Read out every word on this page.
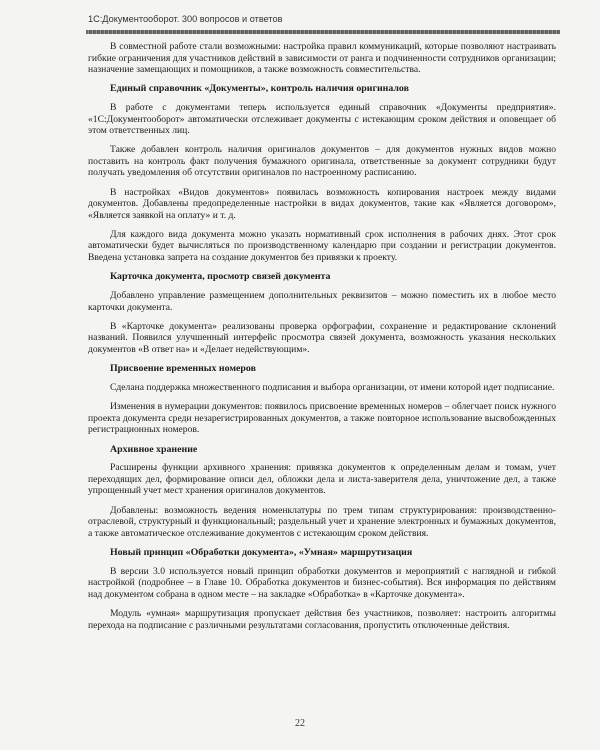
1С:Документооборот. 300 вопросов и ответов

В совместной работе стали возможными: настройка правил коммуникаций, которые позволяют настраивать гибкие ограничения для участников действий в зависимости от ранга и подчиненности сотрудников организации; назначение замещающих и помощников, а также возможность совместительства.

Единый справочник «Документы», контроль наличия оригиналов

В работе с документами теперь используется единый справочник «Документы предприятия». «1С:Документооборот» автоматически отслеживает документы с истекающим сроком действия и оповещает об этом ответственных лиц.

Также добавлен контроль наличия оригиналов документов – для документов нужных видов можно поставить на контроль факт получения бумажного оригинала, ответственные за документ сотрудники будут получать уведомления об отсутствии оригиналов по настроенному расписанию.

В настройках «Видов документов» появилась возможность копирования настроек между видами документов. Добавлены предопределенные настройки в видах документов, такие как «Является договором», «Является заявкой на оплату» и т. д.

Для каждого вида документа можно указать нормативный срок исполнения в рабочих днях. Этот срок автоматически будет вычисляться по производственному календарю при создании и регистрации документов. Введена установка запрета на создание документов без привязки к проекту.

Карточка документа, просмотр связей документа

Добавлено управление размещением дополнительных реквизитов – можно поместить их в любое место карточки документа.

В «Карточке документа» реализованы проверка орфографии, сохранение и редактирование склонений названий. Появился улучшенный интерфейс просмотра связей документа, возможность указания нескольких документов «В ответ на» и «Делает недействующим».

Присвоение временных номеров

Сделана поддержка множественного подписания и выбора организации, от имени которой идет подписание.

Изменения в нумерации документов: появилось присвоение временных номеров – облегчает поиск нужного проекта документа среди незарегистрированных документов, а также повторное использование высвобожденных регистрационных номеров.

Архивное хранение

Расширены функции архивного хранения: привязка документов к определенным делам и томам, учет переходящих дел, формирование описи дел, обложки дела и листа-заверителя дела, уничтожение дел, а также упрощенный учет мест хранения оригиналов документов.

Добавлены: возможность ведения номенклатуры по трем типам структурирования: производственно-отраслевой, структурный и функциональный; раздельный учет и хранение электронных и бумажных документов, а также автоматическое отслеживание документов с истекающим сроком действия.

Новый принцип «Обработки документа», «Умная» маршрутизация

В версии 3.0 используется новый принцип обработки документов и мероприятий с наглядной и гибкой настройкой (подробнее – в Главе 10. Обработка документов и бизнес-события). Вся информация по действиям над документом собрана в одном месте – на закладке «Обработка» в «Карточке документа».

Модуль «умная» маршрутизация пропускает действия без участников, позволяет: настроить алгоритмы перехода на подписание с различными результатами согласования, пропустить отключенные действия.

22
